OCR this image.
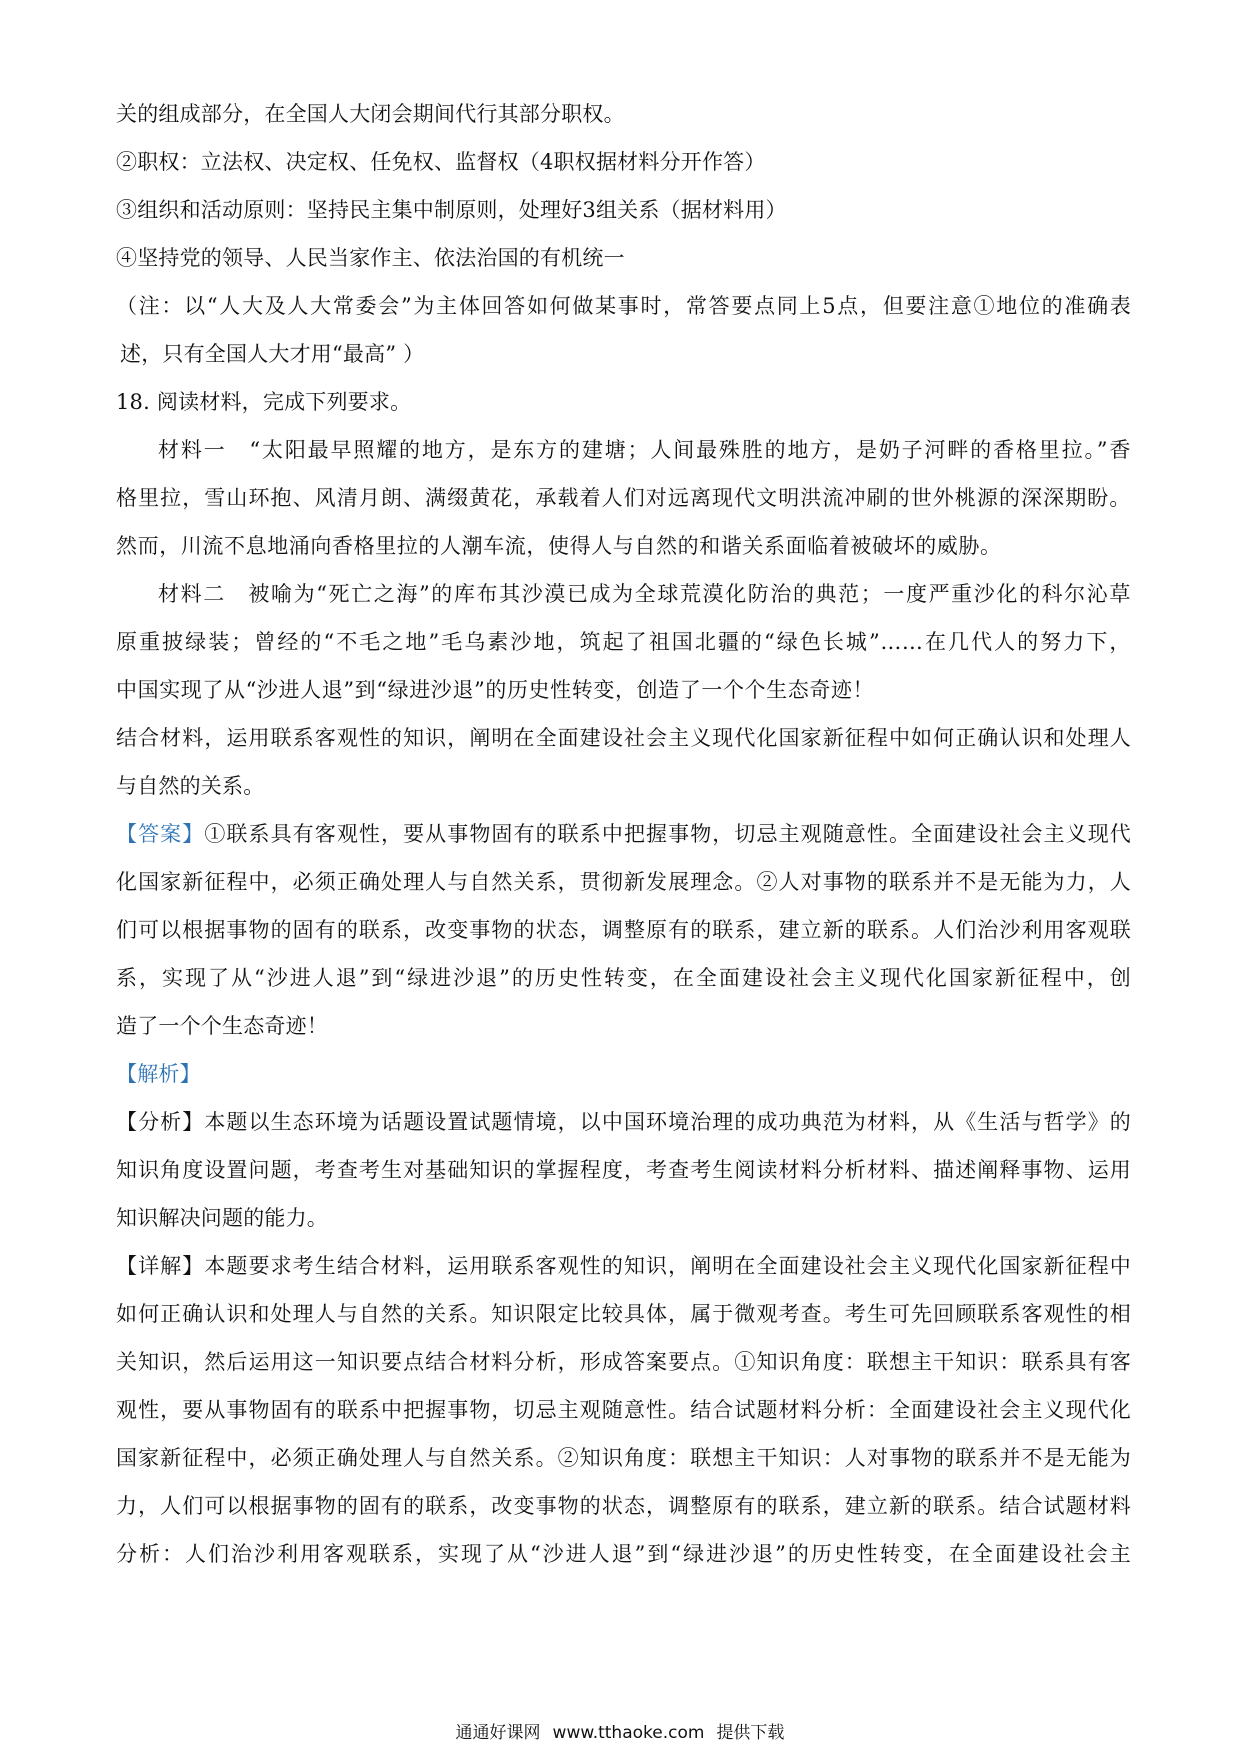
关的组成部分，在全国人大闭会期间代行其部分职权。
②职权：立法权、决定权、任免权、监督权（4职权据材料分开作答）
③组织和活动原则：坚持民主集中制原则，处理好3组关系（据材料用）
④坚持党的领导、人民当家作主、依法治国的有机统一
（注：以“人大及人大常委会”为主体回答如何做某事时，常答要点同上5点，但要注意①地位的准确表
述，只有全国人大才用“最高” ）
18. 阅读材料，完成下列要求。
材料一　“太阳最早照耀的地方，是东方的建塘；人间最殊胜的地方，是奶子河畔的香格里拉。”香
格里拉，雪山环抱、风清月朗、满缀黄花，承载着人们对远离现代文明洪流冲刷的世外桃源的深深期盼。
然而，川流不息地涌向香格里拉的人潮车流，使得人与自然的和谐关系面临着被破坏的威胁。
材料二　被喻为“死亡之海”的库布其沙漠已成为全球荒漠化防治的典范；一度严重沙化的科尔沁草
原重披绿装；曾经的“不毛之地”毛乌素沙地，筑起了祖国北疆的“绿色长城”……在几代人的努力下，
中国实现了从“沙进人退”到“绿进沙退”的历史性转变，创造了一个个生态奇迹！
结合材料，运用联系客观性的知识，阐明在全面建设社会主义现代化国家新征程中如何正确认识和处理人
与自然的关系。
【答案】①联系具有客观性，要从事物固有的联系中把握事物，切忌主观随意性。全面建设社会主义现代
化国家新征程中，必须正确处理人与自然关系，贯彻新发展理念。②人对事物的联系并不是无能为力，人
们可以根据事物的固有的联系，改变事物的状态，调整原有的联系，建立新的联系。人们治沙利用客观联
系，实现了从“沙进人退”到“绿进沙退”的历史性转变，在全面建设社会主义现代化国家新征程中，创
造了一个个生态奇迹！
【解析】
【分析】本题以生态环境为话题设置试题情境，以中国环境治理的成功典范为材料，从《生活与哲学》的
知识角度设置问题，考查考生对基础知识的掌握程度，考查考生阅读材料分析材料、描述阐释事物、运用
知识解决问题的能力。
【详解】本题要求考生结合材料，运用联系客观性的知识，阐明在全面建设社会主义现代化国家新征程中
如何正确认识和处理人与自然的关系。知识限定比较具体，属于微观考查。考生可先回顾联系客观性的相
关知识，然后运用这一知识要点结合材料分析，形成答案要点。①知识角度：联想主干知识：联系具有客
观性，要从事物固有的联系中把握事物，切忌主观随意性。结合试题材料分析：全面建设社会主义现代化
国家新征程中，必须正确处理人与自然关系。②知识角度：联想主干知识：人对事物的联系并不是无能为
力，人们可以根据事物的固有的联系，改变事物的状态，调整原有的联系，建立新的联系。结合试题材料
分析：人们治沙利用客观联系，实现了从“沙进人退”到“绿进沙退”的历史性转变，在全面建设社会主
通通好课网 www.tthaoke.com 提供下载
